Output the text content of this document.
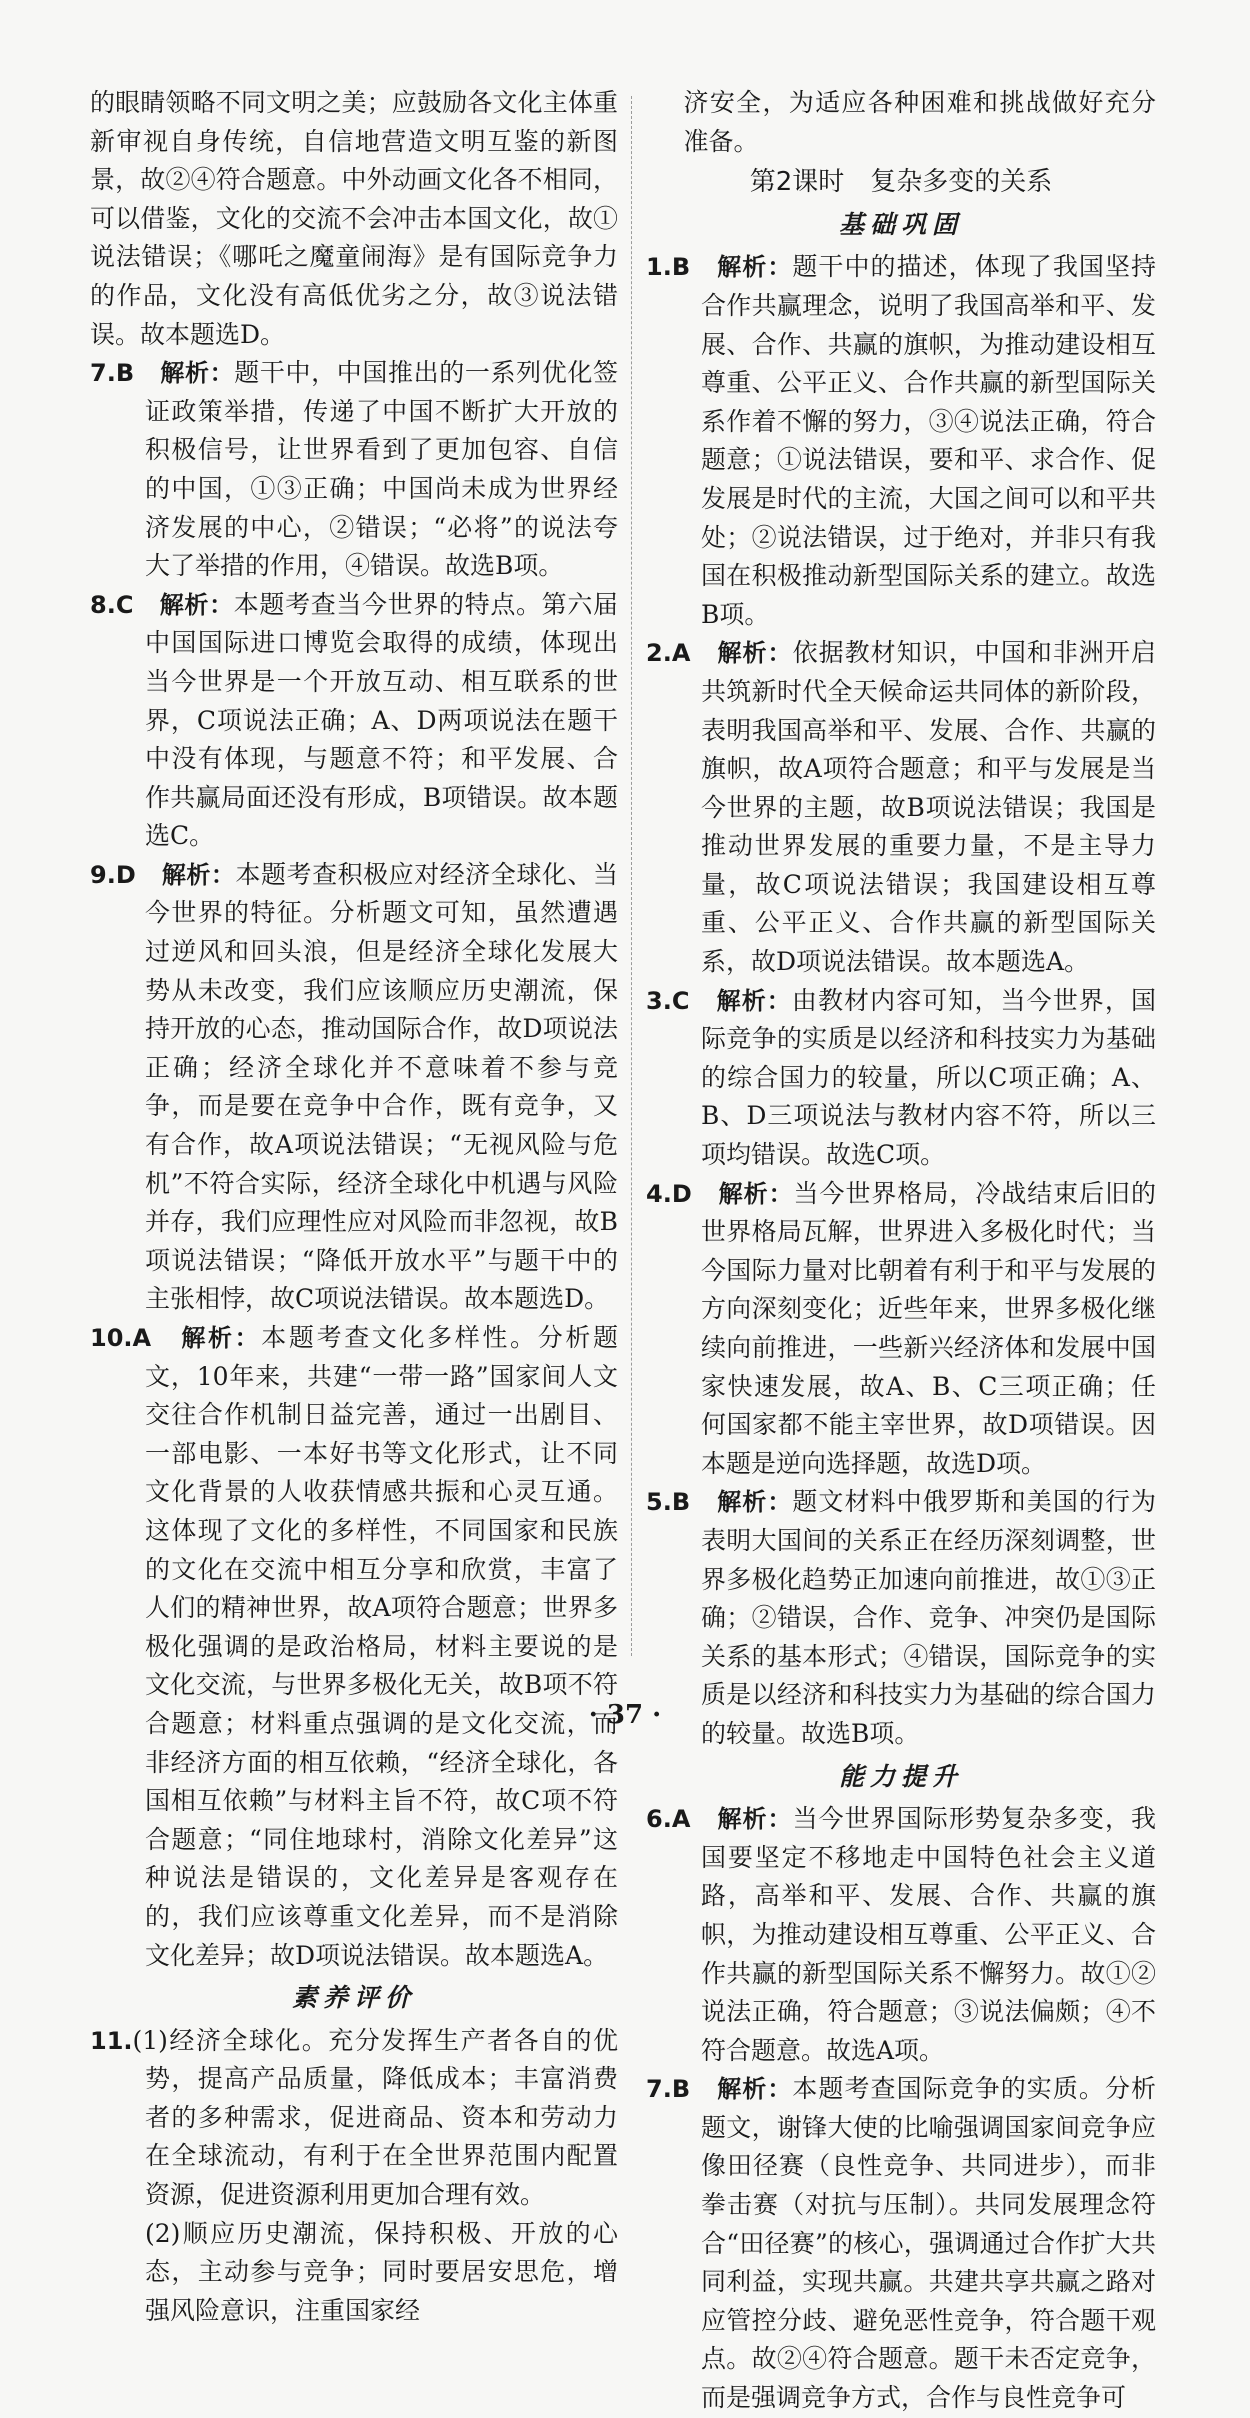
的眼睛领略不同文明之美；应鼓励各文化主体重新审视自身传统，自信地营造文明互鉴的新图景，故②④符合题意。中外动画文化各不相同，可以借鉴，文化的交流不会冲击本国文化，故①说法错误；《哪吒之魔童闹海》是有国际竞争力的作品，文化没有高低优劣之分，故③说法错误。故本题选D。

7.B　 解析：题干中，中国推出的一系列优化签证政策举措，传递了中国不断扩大开放的积极信号，让世界看到了更加包容、自信的中国，①③正确；中国尚未成为世界经济发展的中心，②错误；“必将”的说法夸大了举措的作用，④错误。故选B项。

8.C　 解析：本题考查当今世界的特点。第六届中国国际进口博览会取得的成绩，体现出当今世界是一个开放互动、相互联系的世界，C项说法正确；A、D两项说法在题干中没有体现，与题意不符；和平发展、合作共赢局面还没有形成，B项错误。故本题选C。

9.D　 解析：本题考查积极应对经济全球化、当今世界的特征。分析题文可知，虽然遭遇过逆风和回头浪，但是经济全球化发展大势从未改变，我们应该顺应历史潮流，保持开放的心态，推动国际合作，故D项说法正确；经济全球化并不意味着不参与竞争，而是要在竞争中合作，既有竞争，又有合作，故A项说法错误；“无视风险与危机”不符合实际，经济全球化中机遇与风险并存，我们应理性应对风险而非忽视，故B项说法错误；“降低开放水平”与题干中的主张相悖，故C项说法错误。故本题选D。

10.A　 解析：本题考查文化多样性。分析题文，10年来，共建“一带一路”国家间人文交往合作机制日益完善，通过一出剧目、一部电影、一本好书等文化形式，让不同文化背景的人收获情感共振和心灵互通。这体现了文化的多样性，不同国家和民族的文化在交流中相互分享和欣赏，丰富了人们的精神世界，故A项符合题意；世界多极化强调的是政治格局，材料主要说的是文化交流，与世界多极化无关，故B项不符合题意；材料重点强调的是文化交流，而非经济方面的相互依赖，“经济全球化，各国相互依赖”与材料主旨不符，故C项不符合题意；“同住地球村，消除文化差异”这种说法是错误的，文化差异是客观存在的，我们应该尊重文化差异，而不是消除文化差异；故D项说法错误。故本题选A。

素养评价

11.(1)经济全球化。充分发挥生产者各自的优势，提高产品质量，降低成本；丰富消费者的多种需求，促进商品、资本和劳动力在全球流动，有利于在全世界范围内配置资源，促进资源利用更加合理有效。

(2)顺应历史潮流，保持积极、开放的心态，主动参与竞争；同时要居安思危，增强风险意识，注重国家经

济安全，为适应各种困难和挑战做好充分准备。

第2课时　复杂多变的关系

基础巩固

1.B　 解析：题干中的描述，体现了我国坚持合作共赢理念，说明了我国高举和平、发展、合作、共赢的旗帜，为推动建设相互尊重、公平正义、合作共赢的新型国际关系作着不懈的努力，③④说法正确，符合题意；①说法错误，要和平、求合作、促发展是时代的主流，大国之间可以和平共处；②说法错误，过于绝对，并非只有我国在积极推动新型国际关系的建立。故选B项。

2.A　 解析：依据教材知识，中国和非洲开启共筑新时代全天候命运共同体的新阶段，表明我国高举和平、发展、合作、共赢的旗帜，故A项符合题意；和平与发展是当今世界的主题，故B项说法错误；我国是推动世界发展的重要力量，不是主导力量，故C项说法错误；我国建设相互尊重、公平正义、合作共赢的新型国际关系，故D项说法错误。故本题选A。

3.C　 解析：由教材内容可知，当今世界，国际竞争的实质是以经济和科技实力为基础的综合国力的较量，所以C项正确；A、B、D三项说法与教材内容不符，所以三项均错误。故选C项。

4.D　 解析：当今世界格局，冷战结束后旧的世界格局瓦解，世界进入多极化时代；当今国际力量对比朝着有利于和平与发展的方向深刻变化；近些年来，世界多极化继续向前推进，一些新兴经济体和发展中国家快速发展，故A、B、C三项正确；任何国家都不能主宰世界，故D项错误。因本题是逆向选择题，故选D项。

5.B　 解析：题文材料中俄罗斯和美国的行为表明大国间的关系正在经历深刻调整，世界多极化趋势正加速向前推进，故①③正确；②错误，合作、竞争、冲突仍是国际关系的基本形式；④错误，国际竞争的实质是以经济和科技实力为基础的综合国力的较量。故选B项。

能力提升

6.A　 解析：当今世界国际形势复杂多变，我国要坚定不移地走中国特色社会主义道路，高举和平、发展、合作、共赢的旗帜，为推动建设相互尊重、公平正义、合作共赢的新型国际关系不懈努力。故①②说法正确，符合题意；③说法偏颇；④不符合题意。故选A项。

7.B　 解析：本题考查国际竞争的实质。分析题文，谢锋大使的比喻强调国家间竞争应像田径赛（良性竞争、共同进步），而非拳击赛（对抗与压制）。共同发展理念符合“田径赛”的核心，强调通过合作扩大共同利益，实现共赢。共建共享共赢之路对应管控分歧、避免恶性竞争，符合题干观点。故②④符合题意。题干未否定竞争，而是强调竞争方式，合作与良性竞争可

· 37 ·
